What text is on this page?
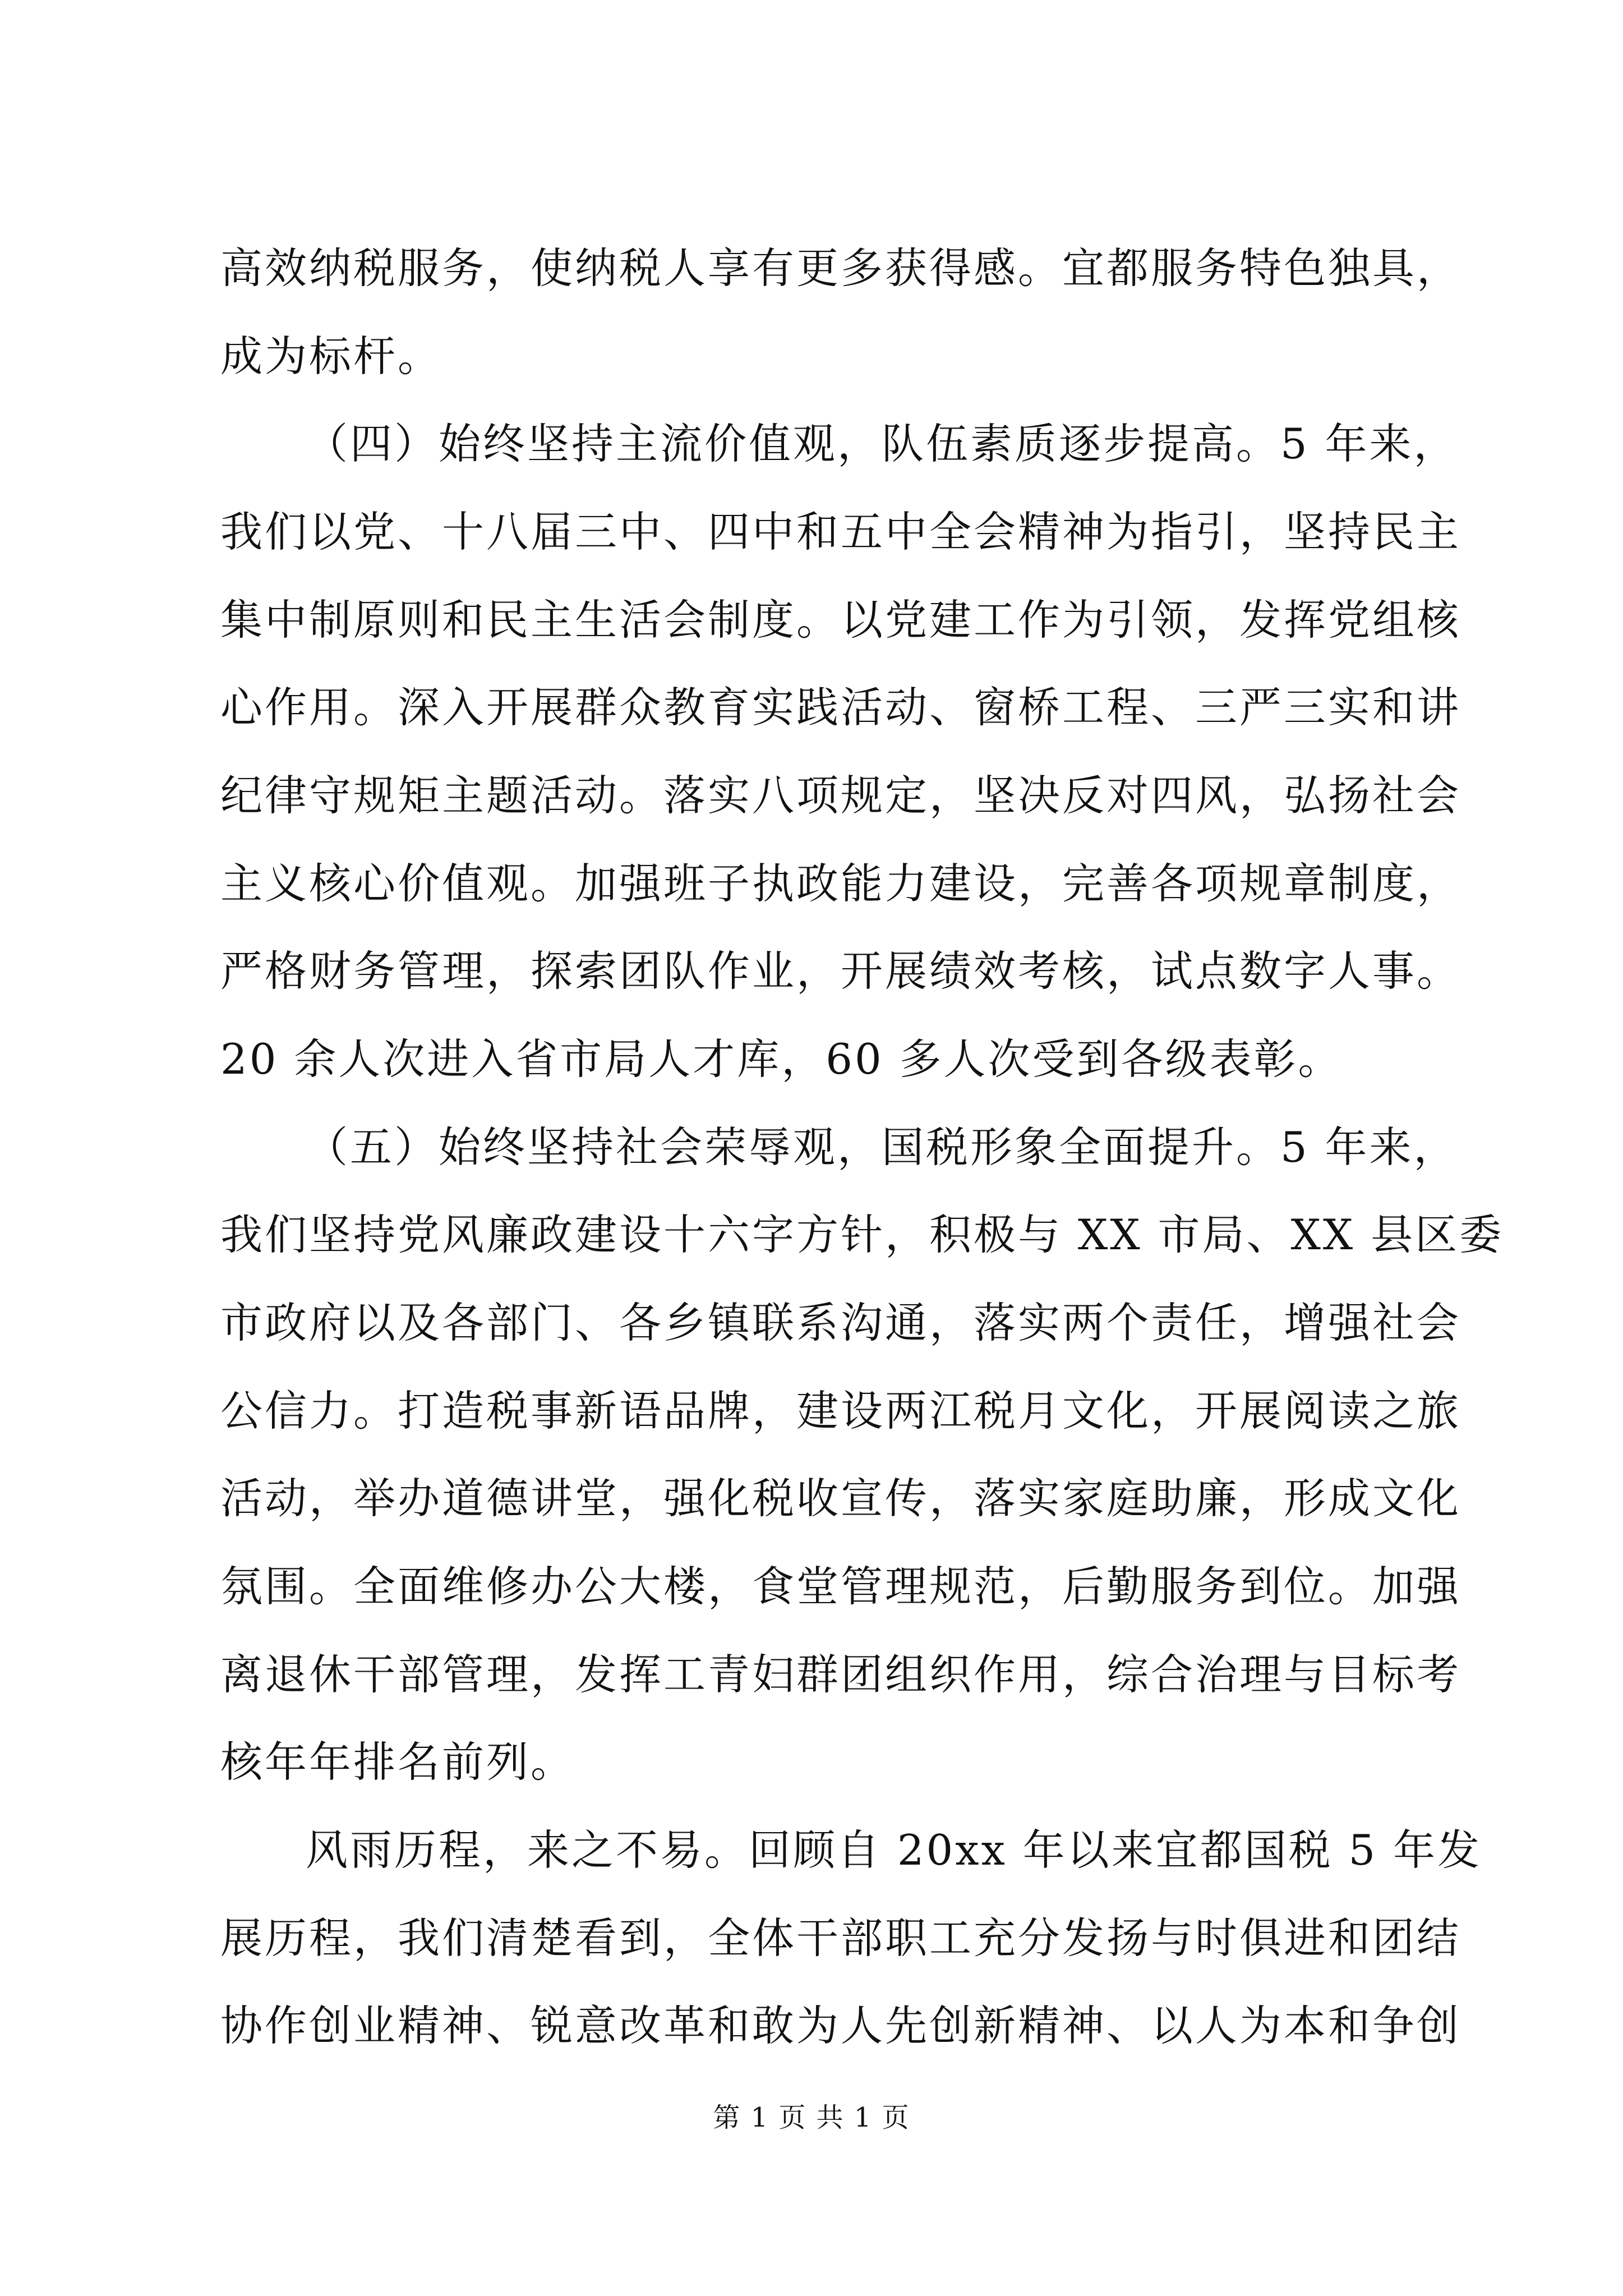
高效纳税服务，使纳税人享有更多获得感。宜都服务特色独具，
成为标杆。
（四）始终坚持主流价值观，队伍素质逐步提高。5 年来，
我们以党、十八届三中、四中和五中全会精神为指引，坚持民主
集中制原则和民主生活会制度。以党建工作为引领，发挥党组核
心作用。深入开展群众教育实践活动、窗桥工程、三严三实和讲
纪律守规矩主题活动。落实八项规定，坚决反对四风，弘扬社会
主义核心价值观。加强班子执政能力建设，完善各项规章制度，
严格财务管理，探索团队作业，开展绩效考核，试点数字人事。
20 余人次进入省市局人才库，60 多人次受到各级表彰。
（五）始终坚持社会荣辱观，国税形象全面提升。5 年来，
我们坚持党风廉政建设十六字方针，积极与 XX 市局、XX 县区委
市政府以及各部门、各乡镇联系沟通，落实两个责任，增强社会
公信力。打造税事新语品牌，建设两江税月文化，开展阅读之旅
活动，举办道德讲堂，强化税收宣传，落实家庭助廉，形成文化
氛围。全面维修办公大楼，食堂管理规范，后勤服务到位。加强
离退休干部管理，发挥工青妇群团组织作用，综合治理与目标考
核年年排名前列。
风雨历程，来之不易。回顾自 20xx 年以来宜都国税 5 年发
展历程，我们清楚看到，全体干部职工充分发扬与时俱进和团结
协作创业精神、锐意改革和敢为人先创新精神、以人为本和争创
第 1 页 共 1 页
